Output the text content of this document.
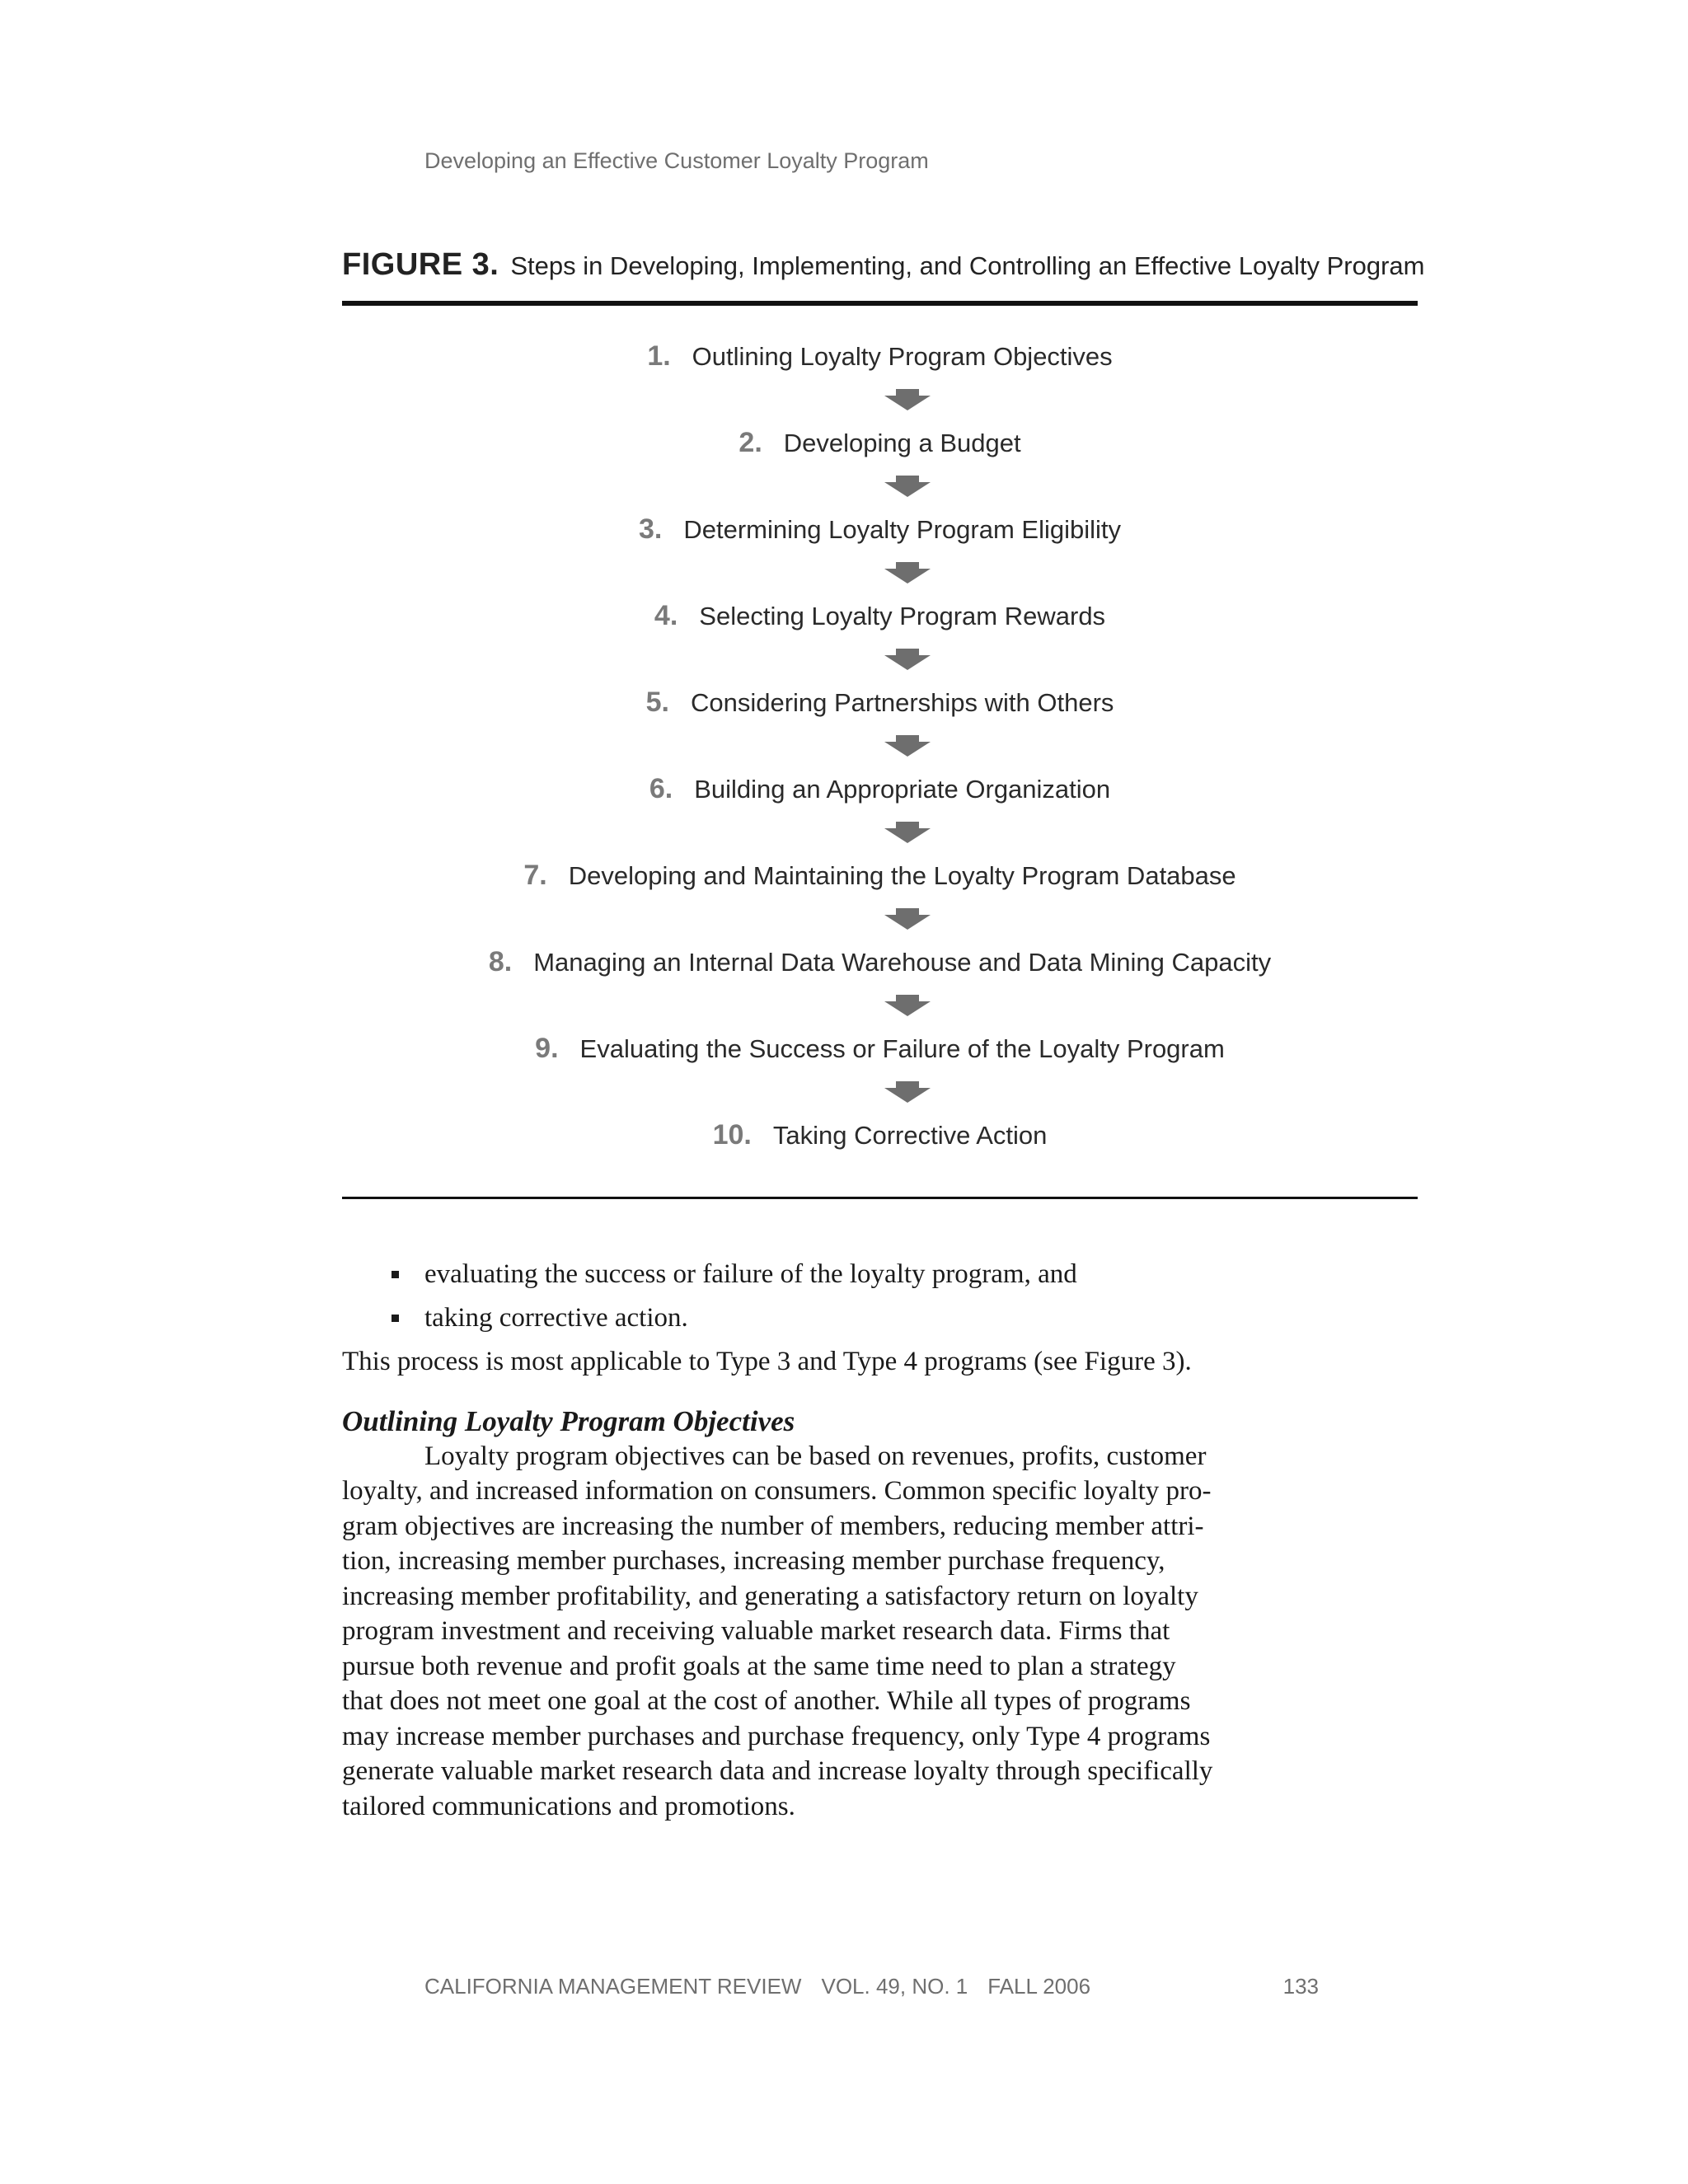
Developing an Effective Customer Loyalty Program
FIGURE 3. Steps in Developing, Implementing, and Controlling an Effective Loyalty Program
1. Outlining Loyalty Program Objectives
2. Developing a Budget
3. Determining Loyalty Program Eligibility
4. Selecting Loyalty Program Rewards
5. Considering Partnerships with Others
6. Building an Appropriate Organization
7. Developing and Maintaining the Loyalty Program Database
8. Managing an Internal Data Warehouse and Data Mining Capacity
9. Evaluating the Success or Failure of the Loyalty Program
10. Taking Corrective Action
evaluating the success or failure of the loyalty program, and
taking corrective action.

This process is most applicable to Type 3 and Type 4 programs (see Figure 3).

Outlining Loyalty Program Objectives

Loyalty program objectives can be based on revenues, profits, customer
loyalty, and increased information on consumers. Common specific loyalty pro-
gram objectives are increasing the number of members, reducing member attri-
tion, increasing member purchases, increasing member purchase frequency,
increasing member profitability, and generating a satisfactory return on loyalty
program investment and receiving valuable market research data. Firms that
pursue both revenue and profit goals at the same time need to plan a strategy
that does not meet one goal at the cost of another. While all types of programs
may increase member purchases and purchase frequency, only Type 4 programs
generate valuable market research data and increase loyalty through specifically
tailored communications and promotions.

CALIFORNIA MANAGEMENT REVIEW VOL. 49, NO. 1 FALL 2006	133
